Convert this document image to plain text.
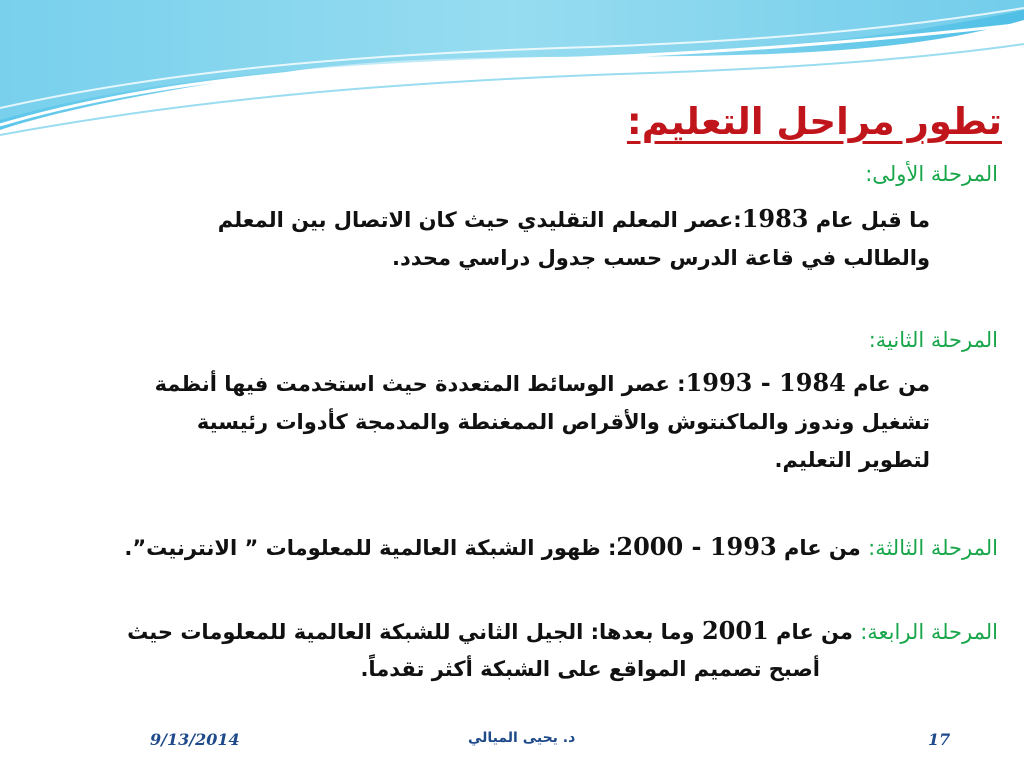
تطور مراحل التعليم:
المرحلة الأولى:
ما قبل عام 1983:عصر المعلم التقليدي حيث كان الاتصال بين المعلم
والطالب في قاعة الدرس حسب جدول دراسي محدد.
المرحلة الثانية:
من عام 1984 - 1993: عصر الوسائط المتعددة حيث استخدمت فيها أنظمة
تشغيل وندوز والماكنتوش والأقراص الممغنطة والمدمجة كأدوات رئيسية
لتطوير التعليم.
المرحلة الثالثة: من عام 1993 - 2000: ظهور الشبكة العالمية للمعلومات ” الانترنيت”.
المرحلة الرابعة: من عام 2001 وما بعدها: الجيل الثاني للشبكة العالمية للمعلومات حيث
أصبح تصميم المواقع على الشبكة أكثر تقدماً.
9/13/2014	د. يحيى الميالي	17
